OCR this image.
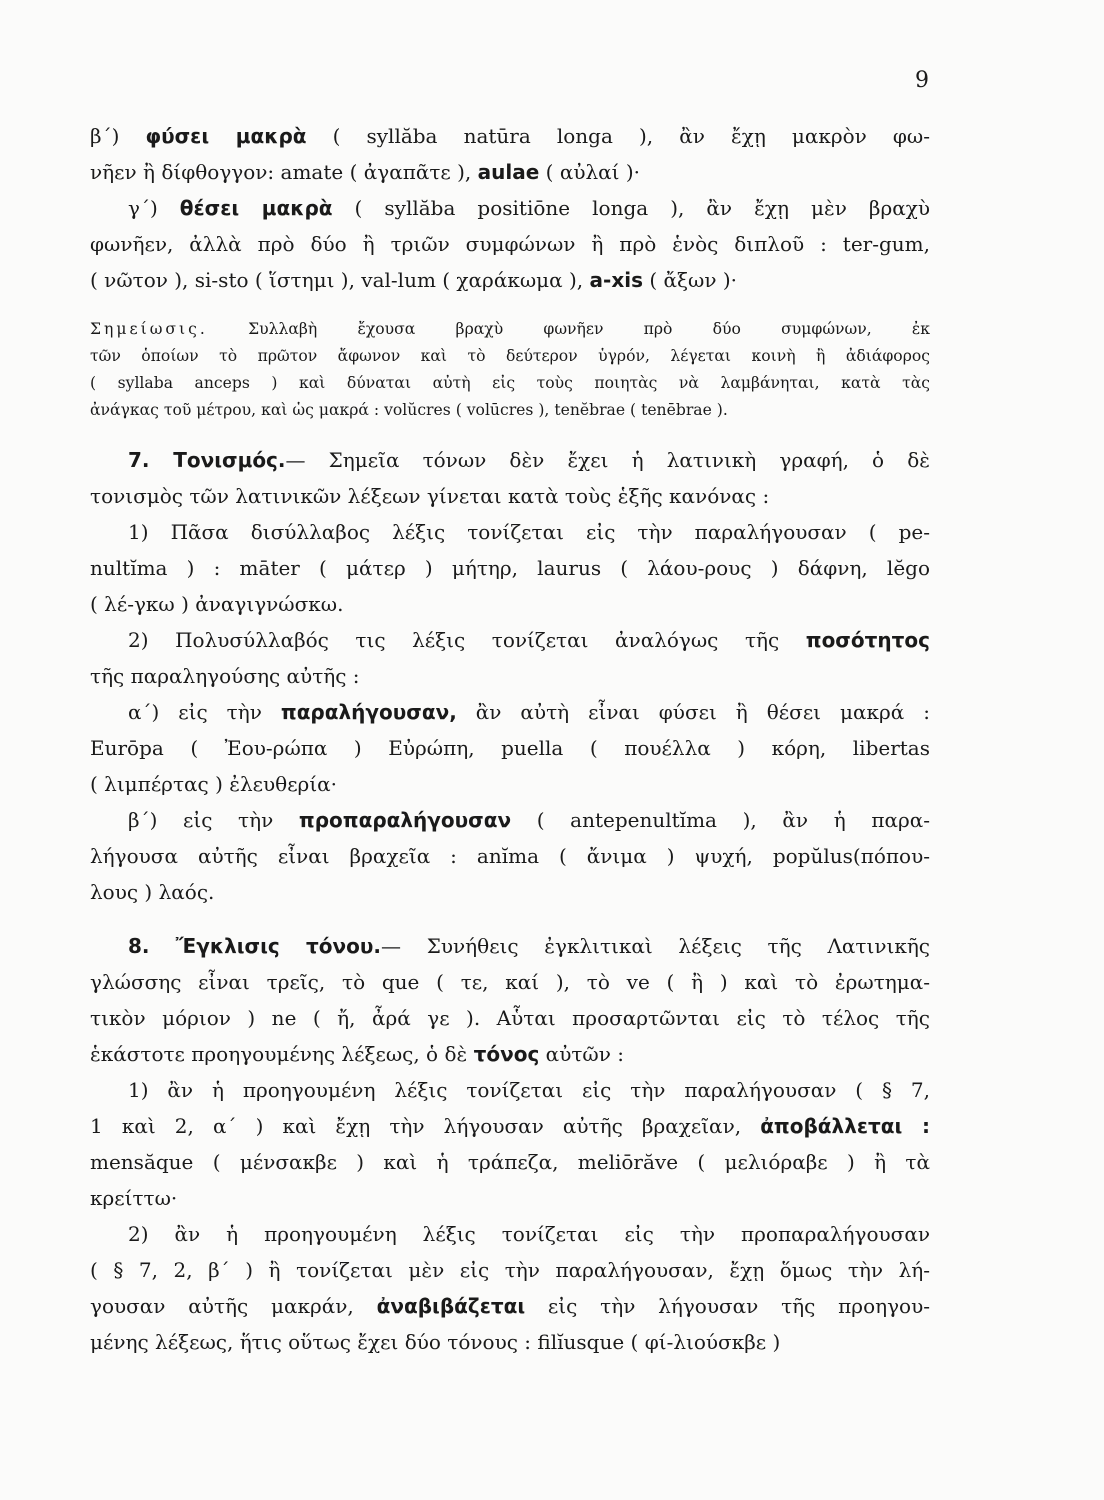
9
β΄) φύσει μακρὰ ( syllăba natūra longa ), ἂν ἔχῃ μακρὸν φω-
νῆεν ἢ δίφθογγον: amate ( ἀγαπᾶτε ), aulae ( αὐλαί )·
γ΄) θέσει μακρὰ ( syllăba positiōne longa ), ἂν ἔχῃ μὲν βραχὺ
φωνῆεν, ἀλλὰ πρὸ δύο ἢ τριῶν συμφώνων ἢ πρὸ ἑνὸς διπλοῦ : ter-gum,
( νῶτον ), si-sto ( ἵστημι ), val-lum ( χαράκωμα ), a-xis ( ἄξων )·
Σημείωσις. Συλλαβὴ ἔχουσα βραχὺ φωνῆεν πρὸ δύο συμφώνων, ἐκ
τῶν ὁποίων τὸ πρῶτον ἄφωνον καὶ τὸ δεύτερον ὑγρόν, λέγεται κοινὴ ἢ ἀδιάφορος
( syllaba anceps ) καὶ δύναται αὐτὴ εἰς τοὺς ποιητὰς νὰ λαμβάνηται, κατὰ τὰς
ἀνάγκας τοῦ μέτρου, καὶ ὡς μακρά : volŭcres ( volūcres ), tenĕbrae ( tenēbrae ).
7. Τονισμός.— Σημεῖα τόνων δὲν ἔχει ἡ λατινικὴ γραφή, ὁ δὲ
τονισμὸς τῶν λατινικῶν λέξεων γίνεται κατὰ τοὺς ἑξῆς κανόνας :
1) Πᾶσα δισύλλαβος λέξις τονίζεται εἰς τὴν παραλήγουσαν ( pe-
nultĭma ) : māter ( μάτερ ) μήτηρ, laurus ( λάου-ρους ) δάφνη, lĕgo
( λέ-γκω ) ἀναγιγνώσκω.
2) Πολυσύλλαβός τις λέξις τονίζεται ἀναλόγως τῆς ποσότητος
τῆς παραληγούσης αὐτῆς :
α΄) εἰς τὴν παραλήγουσαν, ἂν αὐτὴ εἶναι φύσει ἢ θέσει μακρά :
Eurōpa ( Ἐου-ρώπα ) Εὐρώπη, puella ( πουέλλα ) κόρη, libertas
( λιμπέρτας ) ἐλευθερία·
β΄) εἰς τὴν προπαραλήγουσαν ( antepenultĭma ), ἂν ἡ παρα-
λήγουσα αὐτῆς εἶναι βραχεῖα : anĭma ( ἄνιμα ) ψυχή, popŭlus(πόπου-
λους ) λαός.
8. Ἔγκλισις τόνου.— Συνήθεις ἐγκλιτικαὶ λέξεις τῆς Λατινικῆς
γλώσσης εἶναι τρεῖς, τὸ que ( τε, καί ), τὸ ve ( ἢ ) καὶ τὸ ἐρωτημα-
τικὸν μόριον ) ne ( ἤ, ἆρά γε ). Αὗται προσαρτῶνται εἰς τὸ τέλος τῆς
ἑκάστοτε προηγουμένης λέξεως, ὁ δὲ τόνος αὐτῶν :
1) ἂν ἡ προηγουμένη λέξις τονίζεται εἰς τὴν παραλήγουσαν ( § 7,
1 καὶ 2, α΄ ) καὶ ἔχῃ τὴν λήγουσαν αὐτῆς βραχεῖαν, ἀποβάλλεται :
mensăque ( μένσακβε ) καὶ ἡ τράπεζα, meliōrăve ( μελιόραβε ) ἢ τὰ
κρείττω·
2) ἂν ἡ προηγουμένη λέξις τονίζεται εἰς τὴν προπαραλήγουσαν
( § 7, 2, β΄ ) ἢ τονίζεται μὲν εἰς τὴν παραλήγουσαν, ἔχῃ ὅμως τὴν λή-
γουσαν αὐτῆς μακράν, ἀναβιβάζεται εἰς τὴν λήγουσαν τῆς προηγου-
μένης λέξεως, ἥτις οὕτως ἔχει δύο τόνους : filĭusque ( φί-λιούσκβε )
